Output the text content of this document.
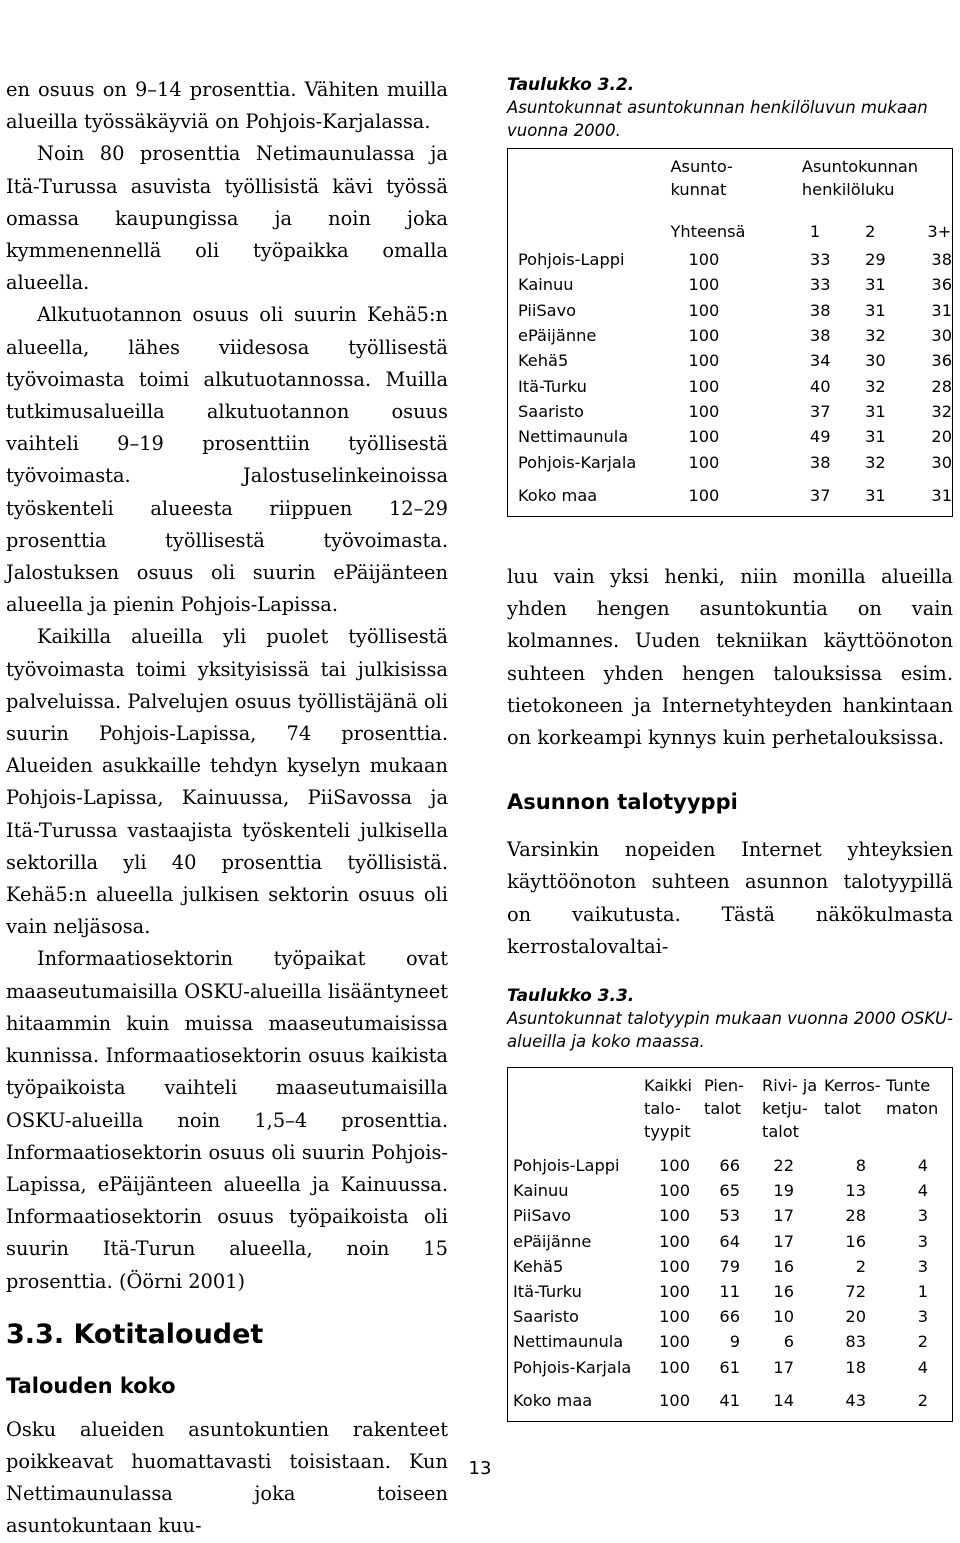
en osuus on 9–14 prosenttia. Vähiten muilla alueilla työssäkäyviä on Pohjois-Karjalassa.

Noin 80 prosenttia Netimaunulassa ja Itä-Turussa asuvista työllisistä kävi työssä omassa kaupungissa ja noin joka kymmenennellä oli työpaikka omalla alueella.

Alkutuotannon osuus oli suurin Kehä5:n alueella, lähes viidesosa työllisestä työvoimasta toimi alkutuotannossa. Muilla tutkimusalueilla alkutuotannon osuus vaihteli 9–19 prosenttiin työllisestä työvoimasta. Jalostuselinkeinoissa työskenteli alueesta riippuen 12–29 prosenttia työllisestä työvoimasta. Jalostuksen osuus oli suurin ePäijänteen alueella ja pienin Pohjois-Lapissa.

Kaikilla alueilla yli puolet työllisestä työvoimasta toimi yksityisissä tai julkisissa palveluissa. Palvelujen osuus työllistäjänä oli suurin Pohjois-Lapissa, 74 prosenttia. Alueiden asukkaille tehdyn kyselyn mukaan Pohjois-Lapissa, Kainuussa, PiiSavossa ja Itä-Turussa vastaajista työskenteli julkisella sektorilla yli 40 prosenttia työllisistä. Kehä5:n alueella julkisen sektorin osuus oli vain neljäsosa.

Informaatiosektorin työpaikat ovat maaseutumaisilla OSKU-alueilla lisääntyneet hitaammin kuin muissa maaseutumaisissa kunnissa. Informaatiosektorin osuus kaikista työpaikoista vaihteli maaseutumaisilla OSKU-alueilla noin 1,5–4 prosenttia. Informaatiosektorin osuus oli suurin Pohjois-Lapissa, ePäijänteen alueella ja Kainuussa. Informaatiosektorin osuus työpaikoista oli suurin Itä-Turun alueella, noin 15 prosenttia. (Öörni 2001)

3.3. Kotitaloudet
Talouden koko

Osku alueiden asuntokuntien rakenteet poikkeavat huomattavasti toisistaan. Kun Nettimaunulassa joka toiseen asuntokuntaan kuu-

Taulukko 3.2.
Asuntokunnat asuntokunnan henkilöluvun mukaan vuonna 2000.
	Asunto-
kunnat		Asuntokunnan
henkilöluku		
	Yhteensä		1	2	3+

Pohjois-Lappi	100		33	29	38
Kainuu	100		33	31	36
PiiSavo	100		38	31	31
ePäijänne	100		38	32	30
Kehä5	100		34	30	36
Itä-Turku	100		40	32	28
Saaristo	100		37	31	32
Nettimaunula	100		49	31	20
Pohjois-Karjala	100		38	32	30

Koko maa	100		37	31	31

luu vain yksi henki, niin monilla alueilla yhden hengen asuntokuntia on vain kolmannes. Uuden tekniikan käyttöönoton suhteen yhden hengen talouksissa esim. tietokoneen ja Internetyhteyden hankintaan on korkeampi kynnys kuin perhetalouksissa.

Asunnon talotyyppi

Varsinkin nopeiden Internet yhteyksien käyttöönoton suhteen asunnon talotyypillä on vaikutusta. Tästä näkökulmasta kerrostalovaltai-

Taulukko 3.3.
Asuntokunnat talotyypin mukaan vuonna 2000 OSKU-alueilla ja koko maassa.
	Kaikki
talo-
tyypit	Pien-
talot	Rivi- ja
ketju-
talot	Kerros-
talot	Tunte
maton

Pohjois-Lappi	100	66	22	8	4
Kainuu	100	65	19	13	4
PiiSavo	100	53	17	28	3
ePäijänne	100	64	17	16	3
Kehä5	100	79	16	2	3
Itä-Turku	100	11	16	72	1
Saaristo	100	66	10	20	3
Nettimaunula	100	9	6	83	2
Pohjois-Karjala	100	61	17	18	4

Koko maa	100	41	14	43	2
13
